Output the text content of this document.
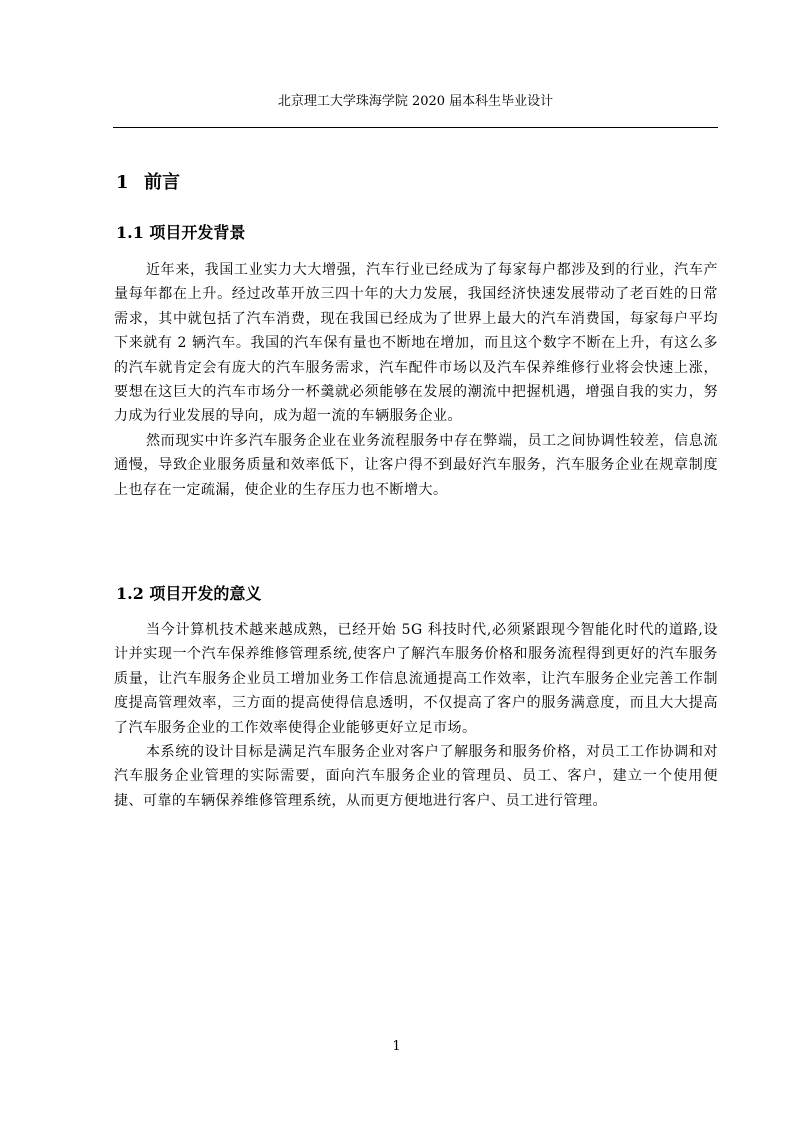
北京理工大学珠海学院 2020 届本科生毕业设计
1 前言
1.1 项目开发背景

近年来，我国工业实力大大增强，汽车行业已经成为了每家每户都涉及到的行业，汽车产量每年都在上升。经过改革开放三四十年的大力发展，我国经济快速发展带动了老百姓的日常需求，其中就包括了汽车消费，现在我国已经成为了世界上最大的汽车消费国，每家每户平均下来就有 2 辆汽车。我国的汽车保有量也不断地在增加，而且这个数字不断在上升，有这么多的汽车就肯定会有庞大的汽车服务需求，汽车配件市场以及汽车保养维修行业将会快速上涨，要想在这巨大的汽车市场分一杯羹就必须能够在发展的潮流中把握机遇，增强自我的实力，努力成为行业发展的导向，成为超一流的车辆服务企业。

然而现实中许多汽车服务企业在业务流程服务中存在弊端，员工之间协调性较差，信息流通慢，导致企业服务质量和效率低下，让客户得不到最好汽车服务，汽车服务企业在规章制度上也存在一定疏漏，使企业的生存压力也不断增大。

1.2 项目开发的意义

当今计算机技术越来越成熟，已经开始 5G 科技时代,必须紧跟现今智能化时代的道路,设计并实现一个汽车保养维修管理系统,使客户了解汽车服务价格和服务流程得到更好的汽车服务质量，让汽车服务企业员工增加业务工作信息流通提高工作效率，让汽车服务企业完善工作制度提高管理效率，三方面的提高使得信息透明，不仅提高了客户的服务满意度，而且大大提高了汽车服务企业的工作效率使得企业能够更好立足市场。

本系统的设计目标是满足汽车服务企业对客户了解服务和服务价格，对员工工作协调和对汽车服务企业管理的实际需要，面向汽车服务企业的管理员、员工、客户，建立一个使用便捷、可靠的车辆保养维修管理系统，从而更方便地进行客户、员工进行管理。

1
